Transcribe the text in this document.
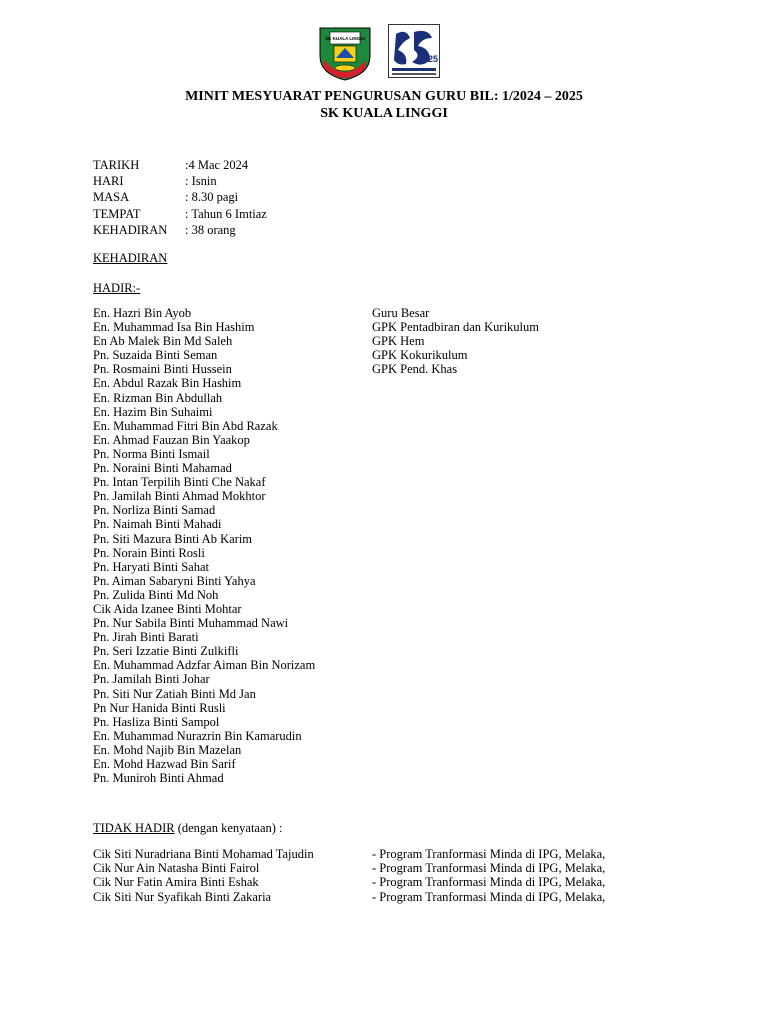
SK KUALA LINGGI
25
MINIT MESYUARAT PENGURUSAN GURU BIL: 1/2024 – 2025
SK KUALA LINGGI
TARIKH	:4 Mac 2024
HARI	: Isnin
MASA	: 8.30 pagi
TEMPAT	: Tahun 6 Imtiaz
KEHADIRAN : 38 orang
KEHADIRAN
HADIR:-
En. Hazri Bin Ayob	Guru Besar
En. Muhammad Isa Bin Hashim	GPK Pentadbiran dan Kurikulum
En Ab Malek Bin Md Saleh	GPK Hem
Pn. Suzaida Binti Seman	GPK Kokurikulum
Pn. Rosmaini Binti Hussein	GPK Pend. Khas
En. Abdul Razak Bin Hashim
En. Rizman Bin Abdullah
En. Hazim Bin Suhaimi
En. Muhammad Fitri Bin Abd Razak
En. Ahmad Fauzan Bin Yaakop
Pn. Norma Binti Ismail
Pn. Noraini Binti Mahamad
Pn. Intan Terpilih Binti Che Nakaf
Pn. Jamilah Binti Ahmad Mokhtor
Pn. Norliza Binti Samad
Pn. Naimah Binti Mahadi
Pn. Siti Mazura Binti Ab Karim
Pn. Norain Binti Rosli
Pn. Haryati Binti Sahat
Pn. Aiman Sabaryni Binti Yahya
Pn. Zulida Binti Md Noh
Cik Aida Izanee Binti Mohtar
Pn. Nur Sabila Binti Muhammad Nawi
Pn. Jirah Binti Barati
Pn. Seri Izzatie Binti Zulkifli
En. Muhammad Adzfar Aiman Bin Norizam
Pn. Jamilah Binti Johar
Pn. Siti Nur Zatiah Binti Md Jan
Pn Nur Hanida Binti Rusli
Pn. Hasliza Binti Sampol
En. Muhammad Nurazrin Bin Kamarudin
En. Mohd Najib Bin Mazelan
En. Mohd Hazwad Bin Sarif
Pn. Muniroh Binti Ahmad
TIDAK HADIR (dengan kenyataan) :
Cik Siti Nuradriana Binti Mohamad Tajudin	- Program Tranformasi Minda di IPG, Melaka,
Cik Nur Ain Natasha Binti Fairol	- Program Tranformasi Minda di IPG, Melaka,
Cik Nur Fatin Amira Binti Eshak	- Program Tranformasi Minda di IPG, Melaka,
Cik Siti Nur Syafikah Binti Zakaria	- Program Tranformasi Minda di IPG, Melaka,
